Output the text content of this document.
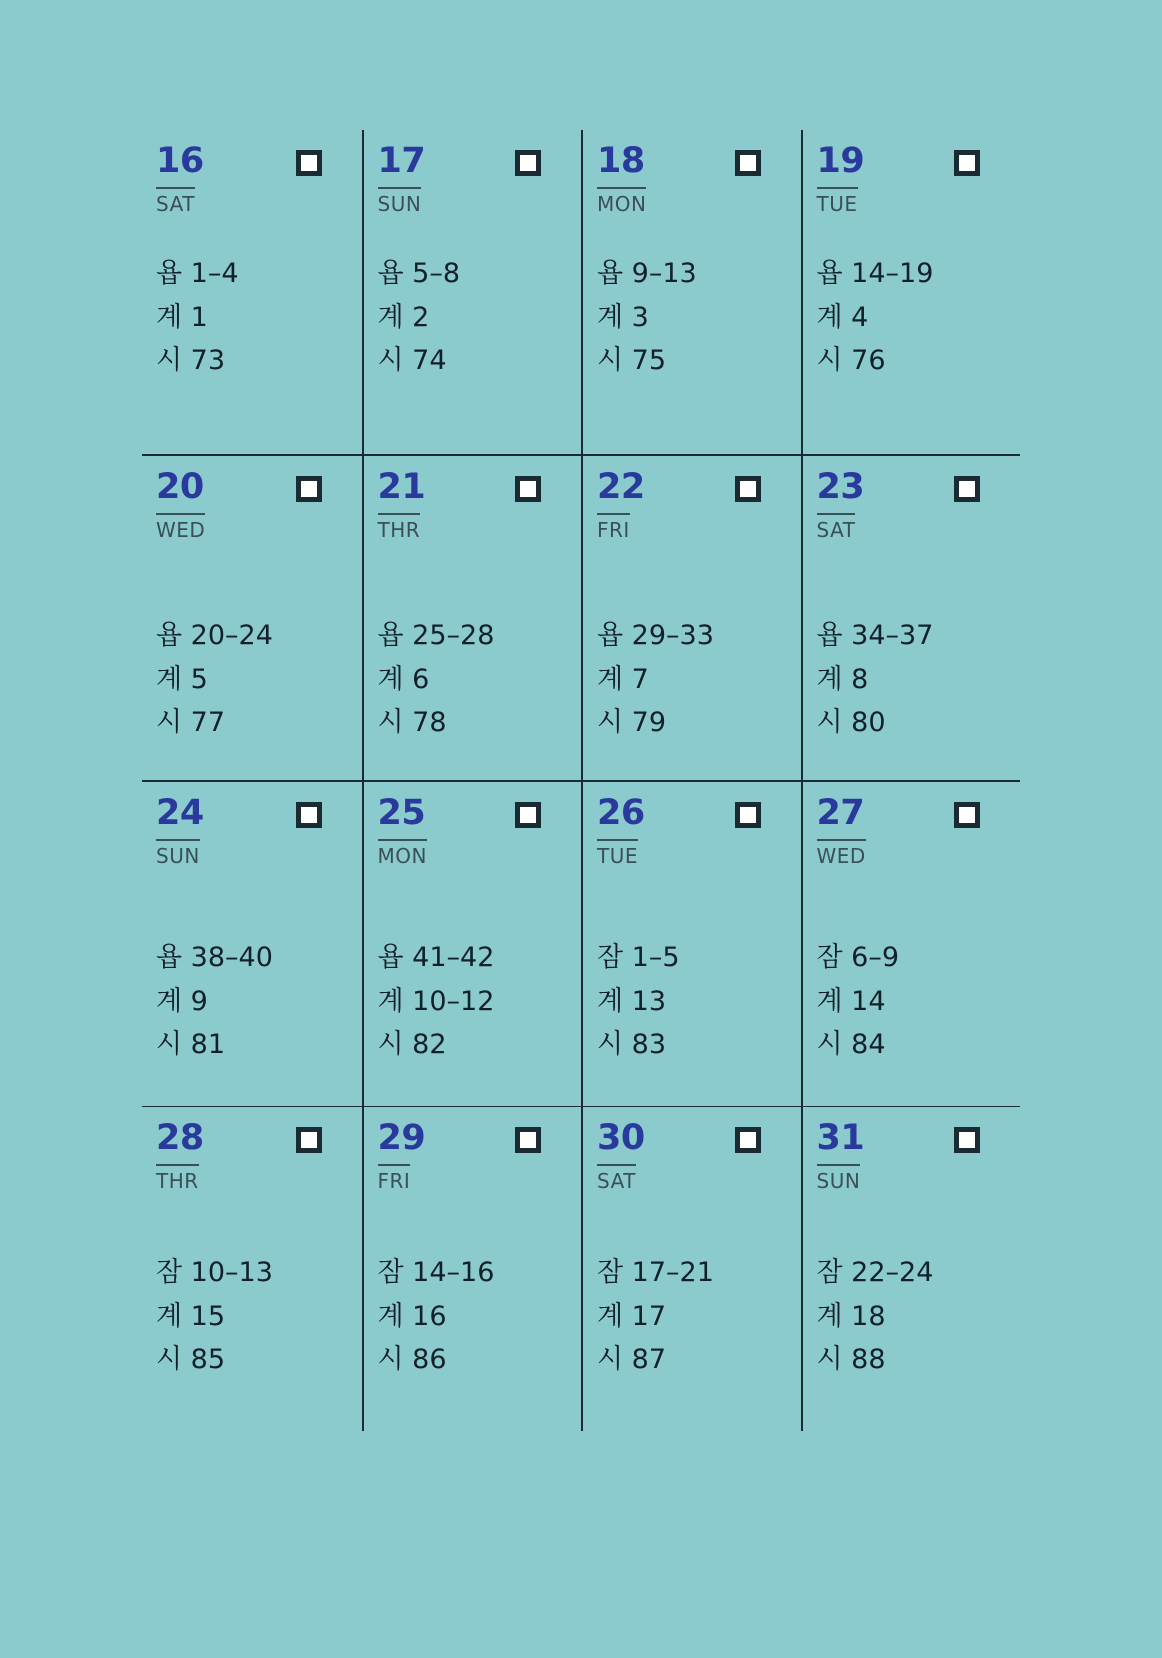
16
SAT
욥 1–4
계 1
시 73
17
SUN
욥 5–8
계 2
시 74
18
MON
욥 9–13
계 3
시 75
19
TUE
욥 14–19
계 4
시 76
20
WED
욥 20–24
계 5
시 77
21
THR
욥 25–28
계 6
시 78
22
FRI
욥 29–33
계 7
시 79
23
SAT
욥 34–37
계 8
시 80
24
SUN
욥 38–40
계 9
시 81
25
MON
욥 41–42
계 10–12
시 82
26
TUE
잠 1–5
계 13
시 83
27
WED
잠 6–9
계 14
시 84
28
THR
잠 10–13
계 15
시 85
29
FRI
잠 14–16
계 16
시 86
30
SAT
잠 17–21
계 17
시 87
31
SUN
잠 22–24
계 18
시 88
